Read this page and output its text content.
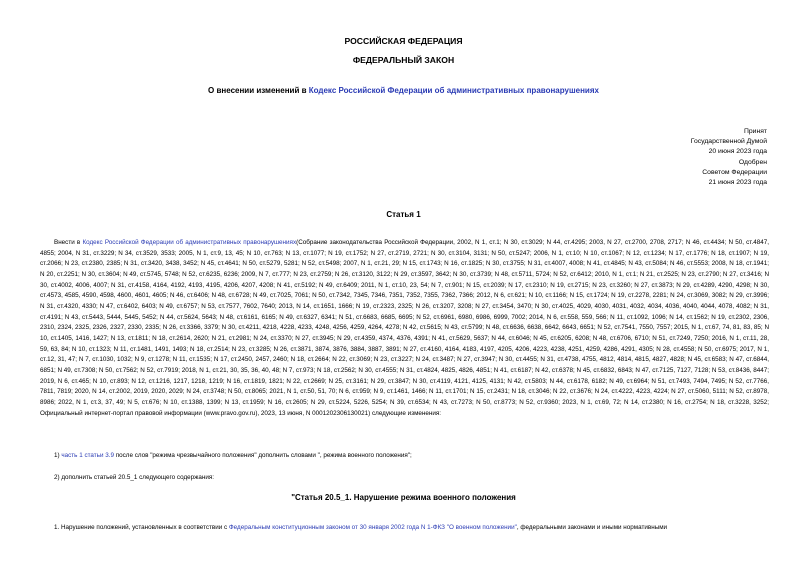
РОССИЙСКАЯ ФЕДЕРАЦИЯ
ФЕДЕРАЛЬНЫЙ ЗАКОН
О внесении изменений в Кодекс Российской Федерации об административных правонарушениях
Принят
Государственной Думой
20 июня 2023 года
Одобрен
Советом Федерации
21 июня 2023 года
Статья 1
Внести в Кодекс Российской Федерации об административных правонарушениях(Собрание законодательства Российской Федерации, 2002, N 1, ст.1; N 30, ст.3029; N 44, ст.4295; 2003, N 27, ст.2700, 2708, 2717; N 46, ст.4434; N 50, ст.4847, 4855; 2004, N 31, ст.3229; N 34, ст.3529, 3533; 2005, N 1, ст.9, 13, 45; N 10, ст.763; N 13, ст.1077; N 19, ст.1752; N 27, ст.2719, 2721; N 30, ст.3104, 3131; N 50, ст.5247; 2006, N 1, ст.10; N 10, ст.1067; N 12, ст.1234; N 17, ст.1776; N 18, ст.1907; N 19, ст.2066; N 23, ст.2380, 2385; N 31, ст.3420, 3438, 3452; N 45, ст.4641; N 50, ст.5279, 5281; N 52, ст.5498; 2007, N 1, ст.21, 29; N 15, ст.1743; N 16, ст.1825; N 30, ст.3755; N 31, ст.4007, 4008; N 41, ст.4845; N 43, ст.5084; N 46, ст.5553; 2008, N 18, ст.1941; N 20, ст.2251; N 30, ст.3604; N 49, ст.5745, 5748; N 52, ст.6235, 6236; 2009, N 7, ст.777; N 23, ст.2759; N 26, ст.3120, 3122; N 29, ст.3597, 3642; N 30, ст.3739; N 48, ст.5711, 5724; N 52, ст.6412; 2010, N 1, ст.1; N 21, ст.2525; N 23, ст.2790; N 27, ст.3416; N 30, ст.4002, 4006, 4007; N 31, ст.4158, 4164, 4192, 4193, 4195, 4206, 4207, 4208; N 41, ст.5192; N 49, ст.6409; 2011, N 1, ст.10, 23, 54; N 7, ст.901; N 15, ст.2039; N 17, ст.2310; N 19, ст.2715; N 23, ст.3260; N 27, ст.3873; N 29, ст.4289, 4290, 4298; N 30, ст.4573, 4585, 4590, 4598, 4600, 4601, 4605; N 46, ст.6406; N 48, ст.6728; N 49, ст.7025, 7061; N 50, ст.7342, 7345, 7346, 7351, 7352, 7355, 7362, 7366; 2012, N 6, ст.621; N 10, ст.1166; N 15, ст.1724; N 19, ст.2278, 2281; N 24, ст.3069, 3082; N 29, ст.3996; N 31, ст.4320, 4330; N 47, ст.6402, 6403; N 49, ст.6757; N 53, ст.7577, 7602, 7640; 2013, N 14, ст.1651, 1666; N 19, ст.2323, 2325; N 26, ст.3207, 3208; N 27, ст.3454, 3470; N 30, ст.4025, 4029, 4030, 4031, 4032, 4034, 4036, 4040, 4044, 4078, 4082; N 31, ст.4191; N 43, ст.5443, 5444, 5445, 5452; N 44, ст.5624, 5643; N 48, ст.6161, 6165; N 49, ст.6327, 6341; N 51, ст.6683, 6685, 6695; N 52, ст.6961, 6980, 6986, 6999, 7002; 2014, N 6, ст.558, 559, 566; N 11, ст.1092, 1096; N 14, ст.1562; N 19, ст.2302, 2306, 2310, 2324, 2325, 2326, 2327, 2330, 2335; N 26, ст.3366, 3379; N 30, ст.4211, 4218, 4228, 4233, 4248, 4256, 4259, 4264, 4278; N 42, ст.5615; N 43, ст.5799; N 48, ст.6636, 6638, 6642, 6643, 6651; N 52, ст.7541, 7550, 7557; 2015, N 1, ст.67, 74, 81, 83, 85; N 10, ст.1405, 1416, 1427; N 13, ст.1811; N 18, ст.2614, 2620; N 21, ст.2981; N 24, ст.3370; N 27, ст.3945; N 29, ст.4359, 4374, 4376, 4391; N 41, ст.5629, 5637; N 44, ст.6046; N 45, ст.6205, 6208; N 48, ст.6706, 6710; N 51, ст.7249, 7250; 2016, N 1, ст.11, 28, 59, 63, 84; N 10, ст.1323; N 11, ст.1481, 1491, 1493; N 18, ст.2514; N 23, ст.3285; N 26, ст.3871, 3874, 3876, 3884, 3887, 3891; N 27, ст.4160, 4164, 4183, 4197, 4205, 4206, 4223, 4238, 4251, 4259, 4286, 4291, 4305; N 28, ст.4558; N 50, ст.6975; 2017, N 1, ст.12, 31, 47; N 7, ст.1030, 1032; N 9, ст.1278; N 11, ст.1535; N 17, ст.2450, 2457, 2460; N 18, ст.2664; N 22, ст.3069; N 23, ст.3227; N 24, ст.3487; N 27, ст.3947; N 30, ст.4455; N 31, ст.4738, 4755, 4812, 4814, 4815, 4827, 4828; N 45, ст.6583; N 47, ст.6844, 6851; N 49, ст.7308; N 50, ст.7562; N 52, ст.7919; 2018, N 1, ст.21, 30, 35, 36, 40, 48; N 7, ст.973; N 18, ст.2562; N 30, ст.4555; N 31, ст.4824, 4825, 4826, 4851; N 41, ст.6187; N 42, ст.6378; N 45, ст.6832, 6843; N 47, ст.7125, 7127, 7128; N 53, ст.8436, 8447; 2019, N 6, ст.465; N 10, ст.893; N 12, ст.1216, 1217, 1218, 1219; N 16, ст.1819, 1821; N 22, ст.2669; N 25, ст.3161; N 29, ст.3847; N 30, ст.4119, 4121, 4125, 4131; N 42, ст.5803; N 44, ст.6178, 6182; N 49, ст.6964; N 51, ст.7493, 7494, 7495; N 52, ст.7766, 7811, 7819; 2020, N 14, ст.2002, 2019, 2020, 2029; N 24, ст.3748; N 50, ст.8065; 2021, N 1, ст.50, 51, 70; N 6, ст.959; N 9, ст.1461, 1466; N 11, ст.1701; N 15, ст.2431; N 18, ст.3046; N 22, ст.3676; N 24, ст.4222, 4223, 4224; N 27, ст.5060, 5111; N 52, ст.8978, 8986; 2022, N 1, ст.3, 37, 49; N 5, ст.676; N 10, ст.1388, 1399; N 13, ст.1959; N 16, ст.2605; N 29, ст.5224, 5226, 5254; N 39, ст.6534; N 43, ст.7273; N 50, ст.8773; N 52, ст.9360; 2023, N 1, ст.69, 72; N 14, ст.2380; N 16, ст.2754; N 18, ст.3228, 3252; Официальный интернет-портал правовой информации (www.pravo.gov.ru), 2023, 13 июня, N 0001202306130021) следующие изменения:
1) часть 1 статьи 3.9 после слов "режима чрезвычайного положения" дополнить словами ", режима военного положения";
2) дополнить статьей 20.5_1 следующего содержания:
"Статья 20.5_1. Нарушение режима военного положения
1. Нарушение положений, установленных в соответствии с Федеральным конституционным законом от 30 января 2002 года N 1-ФКЗ "О военном положении", федеральными законами и иными нормативными
